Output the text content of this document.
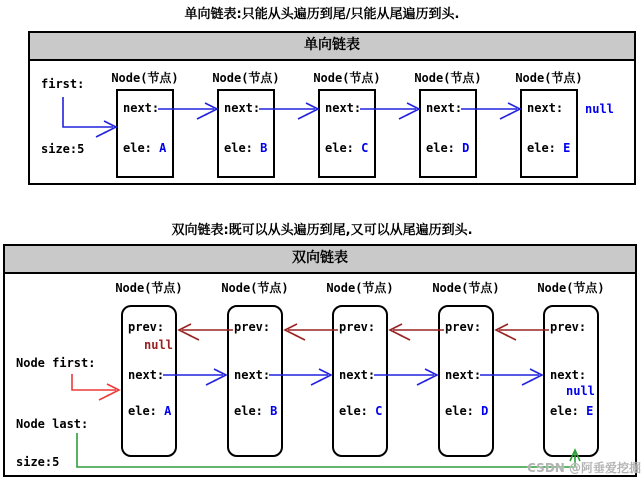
单向链表:只能从头遍历到尾/只能从尾遍历到头.
双向链表:既可以从头遍历到尾,又可以从尾遍历到头.
单向链表
first:
size:5
Node(节点)	Node(节点)	Node(节点)	Node(节点)	Node(节点)
next:
ele: A
next:
ele: B
next:
ele: C
next:
ele: D
next:
ele: E
null
双向链表
Node first:
Node last:
size:5
Node(节点)	Node(节点)	Node(节点)	Node(节点)	Node(节点)
prev:
null
next:
ele: A
prev:
next:
ele: B
prev:
next:
ele: C
prev:
next:
ele: D
prev:
next:
null
ele: E
CSDN @阿垂爱挖掘
